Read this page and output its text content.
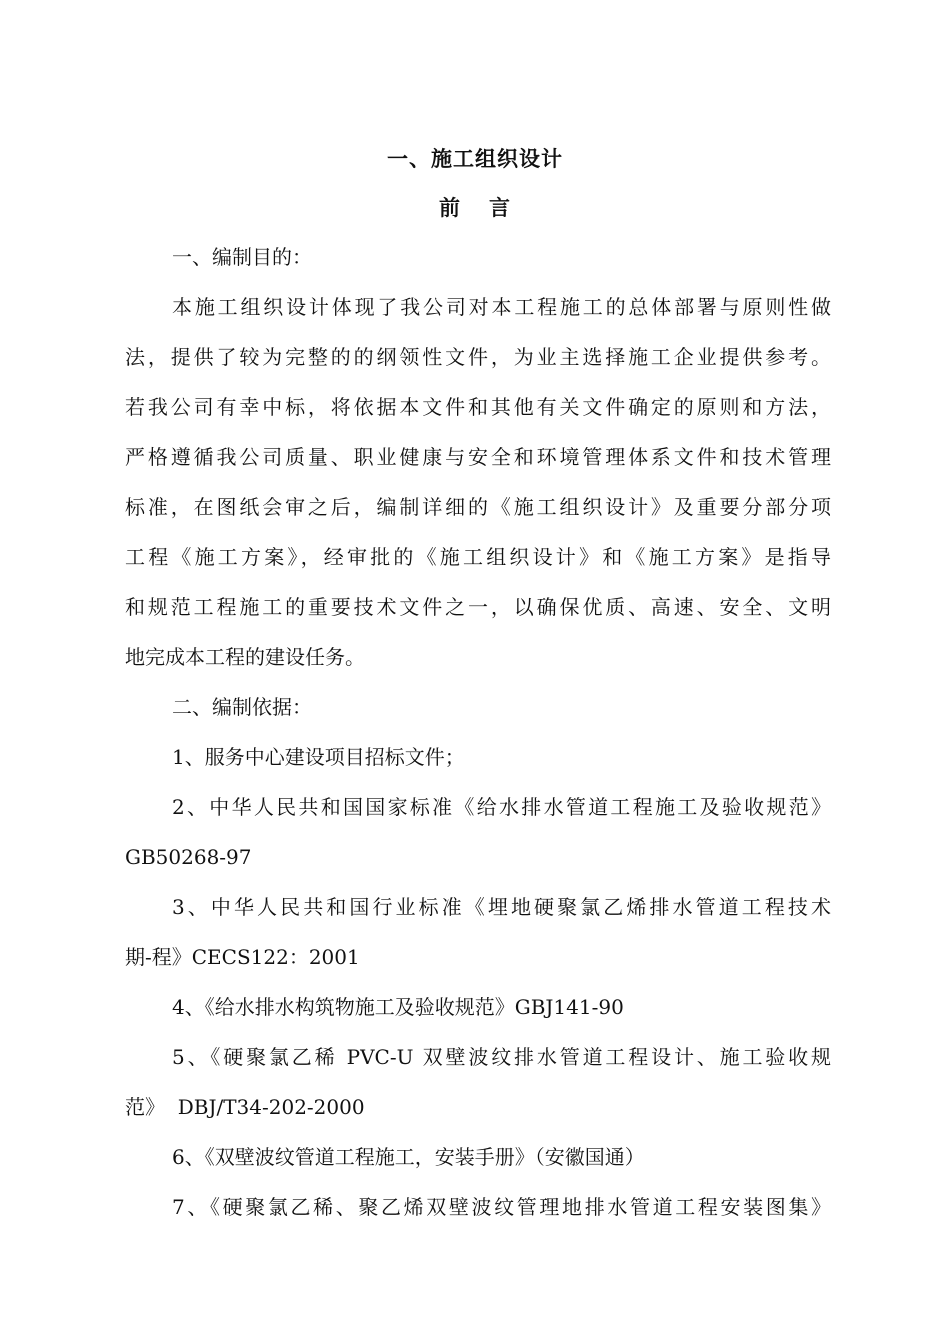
一、施工组织设计
前 言
一、编制目的：
本施工组织设计体现了我公司对本工程施工的总体部署与原则性做
法，提供了较为完整的的纲领性文件，为业主选择施工企业提供参考。
若我公司有幸中标，将依据本文件和其他有关文件确定的原则和方法，
严格遵循我公司质量、职业健康与安全和环境管理体系文件和技术管理
标准，在图纸会审之后，编制详细的《施工组织设计》及重要分部分项
工程《施工方案》，经审批的《施工组织设计》和《施工方案》是指导
和规范工程施工的重要技术文件之一，以确保优质、高速、安全、文明
地完成本工程的建设任务。
二、编制依据：
1、服务中心建设项目招标文件；
2、中华人民共和国国家标准《给水排水管道工程施工及验收规范》
GB50268-97
3、中华人民共和国行业标准《埋地硬聚氯乙烯排水管道工程技术
期-程》CECS122：2001
4、《给水排水构筑物施工及验收规范》GBJ141-90
5、《硬聚氯乙稀 PVC-U 双壁波纹排水管道工程设计、施工验收规
范》  DBJ/T34-202-2000
6、《双壁波纹管道工程施工，安装手册》（安徽国通）
7、《硬聚氯乙稀、聚乙烯双壁波纹管理地排水管道工程安装图集》
